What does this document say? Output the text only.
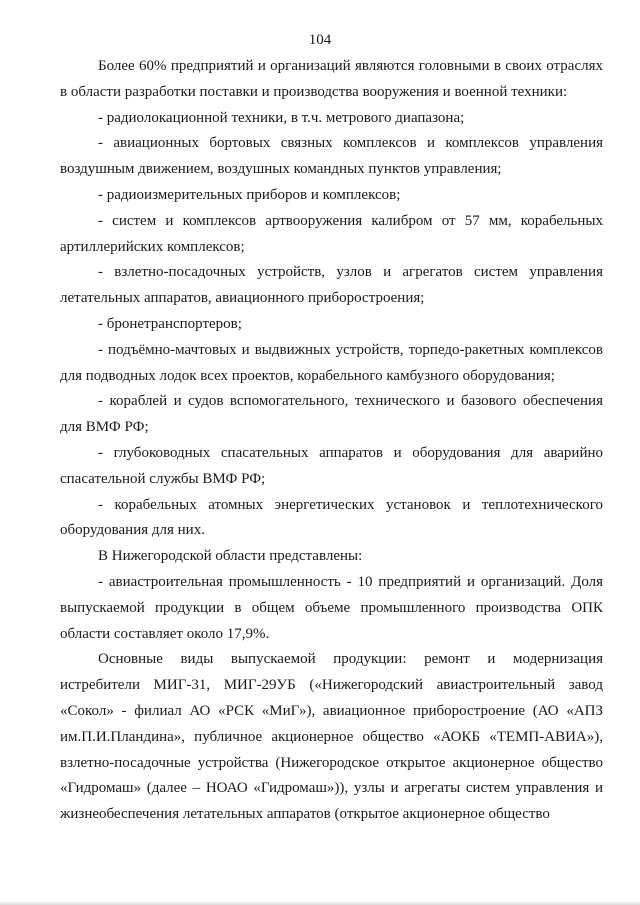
104

Более 60% предприятий и организаций являются головными в своих отраслях в области разработки поставки и производства вооружения и военной техники:

- радиолокационной техники, в т.ч. метрового диапазона;

- авиационных бортовых связных комплексов и комплексов управления воздушным движением, воздушных командных пунктов управления;

- радиоизмерительных приборов и комплексов;

- систем и комплексов артвооружения калибром от 57 мм, корабельных артиллерийских комплексов;

- взлетно-посадочных устройств, узлов и агрегатов систем управления летательных аппаратов, авиационного приборостроения;

- бронетранспортеров;

- подъёмно-мачтовых и выдвижных устройств, торпедо-ракетных комплексов для подводных лодок всех проектов, корабельного камбузного оборудования;

- кораблей и судов вспомогательного, технического и базового обеспечения для ВМФ РФ;

- глубоководных спасательных аппаратов и оборудования для аварийно спасательной службы ВМФ РФ;

- корабельных атомных энергетических установок и теплотехнического оборудования для них.

В Нижегородской области представлены:

- авиастроительная промышленность - 10 предприятий и организаций. Доля выпускаемой продукции в общем объеме промышленного производства ОПК области составляет около 17,9%.

Основные виды выпускаемой продукции: ремонт и модернизация истребители МИГ-31, МИГ-29УБ («Нижегородский авиастроительный завод «Сокол» - филиал АО «РСК «МиГ»), авиационное приборостроение (АО «АПЗ им.П.И.Пландина», публичное акционерное общество «АОКБ «ТЕМП-АВИА»), взлетно-посадочные устройства (Нижегородское открытое акционерное общество «Гидромаш» (далее – НОАО «Гидромаш»)), узлы и агрегаты систем управления и жизнеобеспечения летательных аппаратов (открытое акционерное общество
